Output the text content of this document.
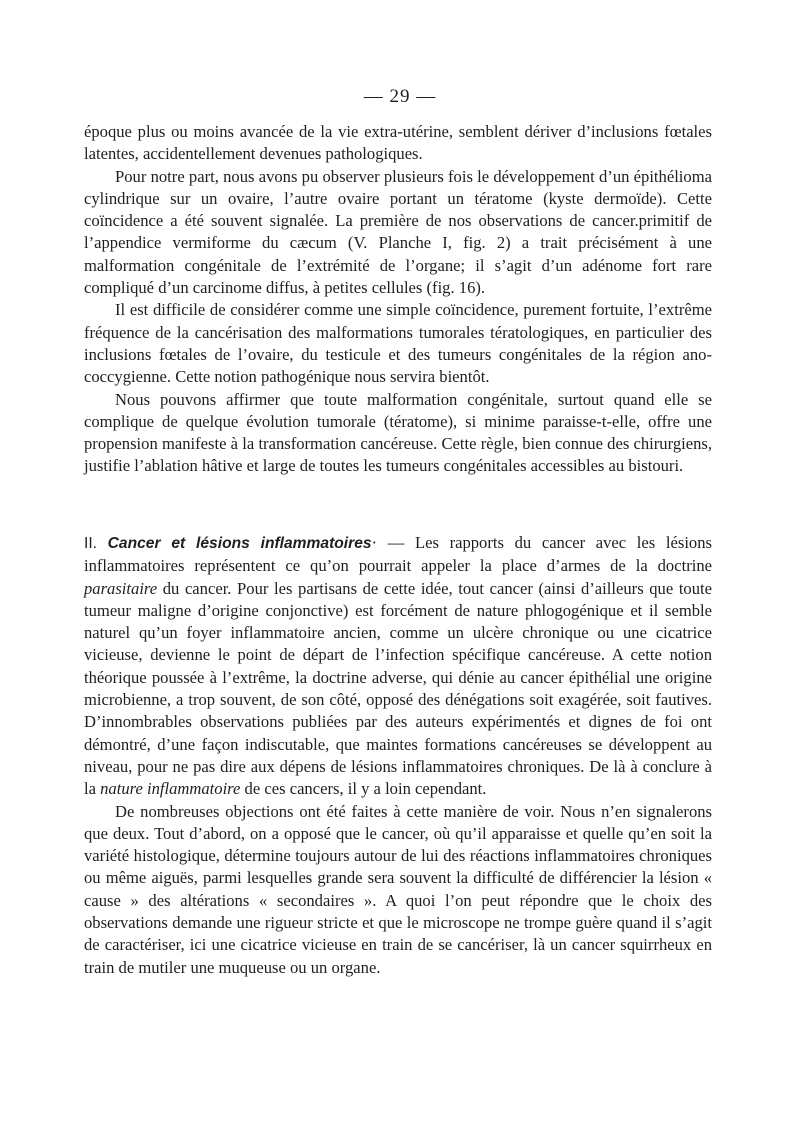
— 29 —

époque plus ou moins avancée de la vie extra-utérine, semblent dériver d’inclusions fœtales latentes, accidentellement devenues pathologiques.

Pour notre part, nous avons pu observer plusieurs fois le développement d’un épithélioma cylindrique sur un ovaire, l’autre ovaire portant un tératome (kyste dermoïde). Cette coïncidence a été souvent signalée. La première de nos observations de cancer.primitif de l’appendice vermiforme du cæcum (V. Planche I, fig. 2) a trait précisément à une malformation congénitale de l’extrémité de l’organe; il s’agit d’un adénome fort rare compliqué d’un carcinome diffus, à petites cellules (fig. 16).

Il est difficile de considérer comme une simple coïncidence, purement fortuite, l’extrême fréquence de la cancérisation des malformations tumorales tératologiques, en particulier des inclusions fœtales de l’ovaire, du testicule et des tumeurs congénitales de la région ano-coccygienne. Cette notion pathogénique nous servira bientôt.

Nous pouvons affirmer que toute malformation congénitale, surtout quand elle se complique de quelque évolution tumorale (tératome), si minime paraisse-t-elle, offre une propension manifeste à la transformation cancéreuse. Cette règle, bien connue des chirurgiens, justifie l’ablation hâtive et large de toutes les tumeurs congénitales accessibles au bistouri.

II. Cancer et lésions inflammatoires· — Les rapports du cancer avec les lésions inflammatoires représentent ce qu’on pourrait appeler la place d’armes de la doctrine parasitaire du cancer. Pour les partisans de cette idée, tout cancer (ainsi d’ailleurs que toute tumeur maligne d’origine conjonctive) est forcément de nature phlogogénique et il semble naturel qu’un foyer inflammatoire ancien, comme un ulcère chronique ou une cicatrice vicieuse, devienne le point de départ de l’infection spécifique cancéreuse. A cette notion théorique poussée à l’extrême, la doctrine adverse, qui dénie au cancer épithélial une origine microbienne, a trop souvent, de son côté, opposé des dénégations soit exagérée, soit fautives. D’innombrables observations publiées par des auteurs expérimentés et dignes de foi ont démontré, d’une façon indiscutable, que maintes formations cancéreuses se développent au niveau, pour ne pas dire aux dépens de lésions inflammatoires chroniques. De là à conclure à la nature inflammatoire de ces cancers, il y a loin cependant.

De nombreuses objections ont été faites à cette manière de voir. Nous n’en signalerons que deux. Tout d’abord, on a opposé que le cancer, où qu’il apparaisse et quelle qu’en soit la variété histologique, détermine toujours autour de lui des réactions inflammatoires chroniques ou même aiguës, parmi lesquelles grande sera souvent la difficulté de différencier la lésion « cause » des altérations « secondaires ». A quoi l’on peut répondre que le choix des observations demande une rigueur stricte et que le microscope ne trompe guère quand il s’agit de caractériser, ici une cicatrice vicieuse en train de se cancériser, là un cancer squirrheux en train de mutiler une muqueuse ou un organe.
